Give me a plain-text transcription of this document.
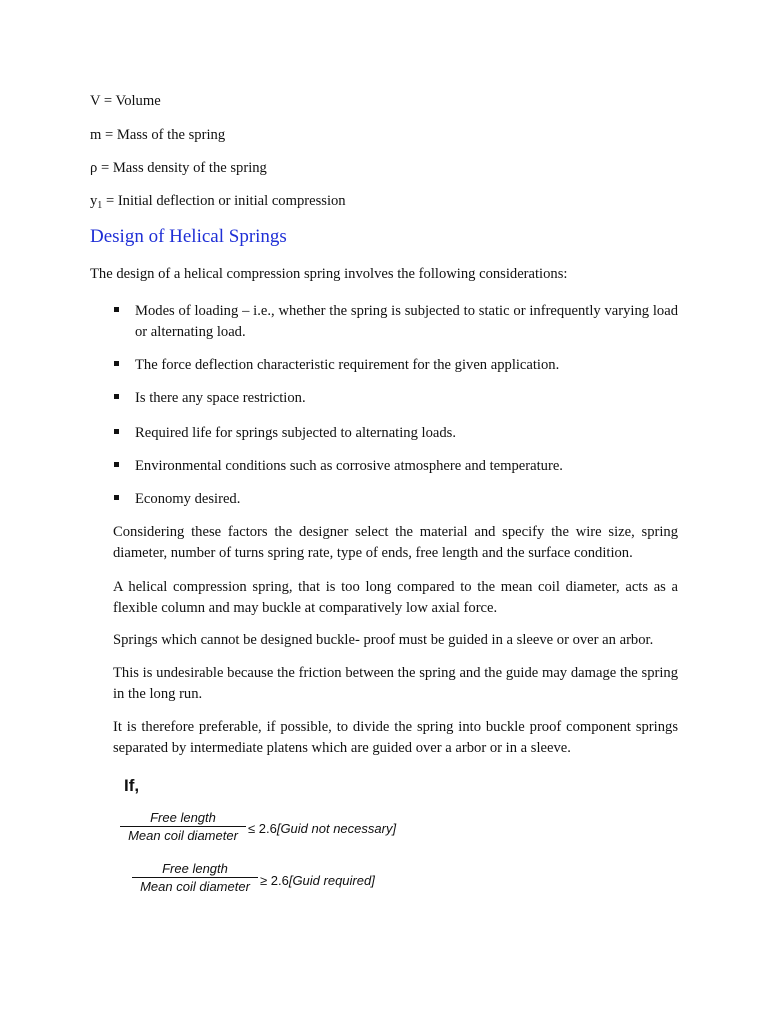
V = Volume
m = Mass of the spring
ρ = Mass density of the spring
$y_1$ = Initial deflection or initial compression
Design of Helical Springs
The design of a helical compression spring involves the following considerations:
Modes of loading – i.e., whether the spring is subjected to static or infrequently varying load or alternating load.
The force deflection characteristic requirement for the given application.
Is there any space restriction.
Required life for springs subjected to alternating loads.
Environmental conditions such as corrosive atmosphere and temperature.
Economy desired.
Considering these factors the designer select the material and specify the wire size, spring diameter, number of turns spring rate, type of ends, free length and the surface condition.
A helical compression spring, that is too long compared to the mean coil diameter, acts as a flexible column and may buckle at comparatively low axial force.
Springs which cannot be designed buckle- proof must be guided in a sleeve or over an arbor.
This is undesirable because the friction between the spring and the guide may damage the spring in the long run.
It is therefore preferable, if possible, to divide the spring into buckle proof component springs separated by intermediate platens which are guided over a arbor or in a sleeve.
If,
Free length
Mean coil diameter ≤ 2.6[Guid not necessary]
Free length
Mean coil diameter ≥ 2.6[Guid required]
